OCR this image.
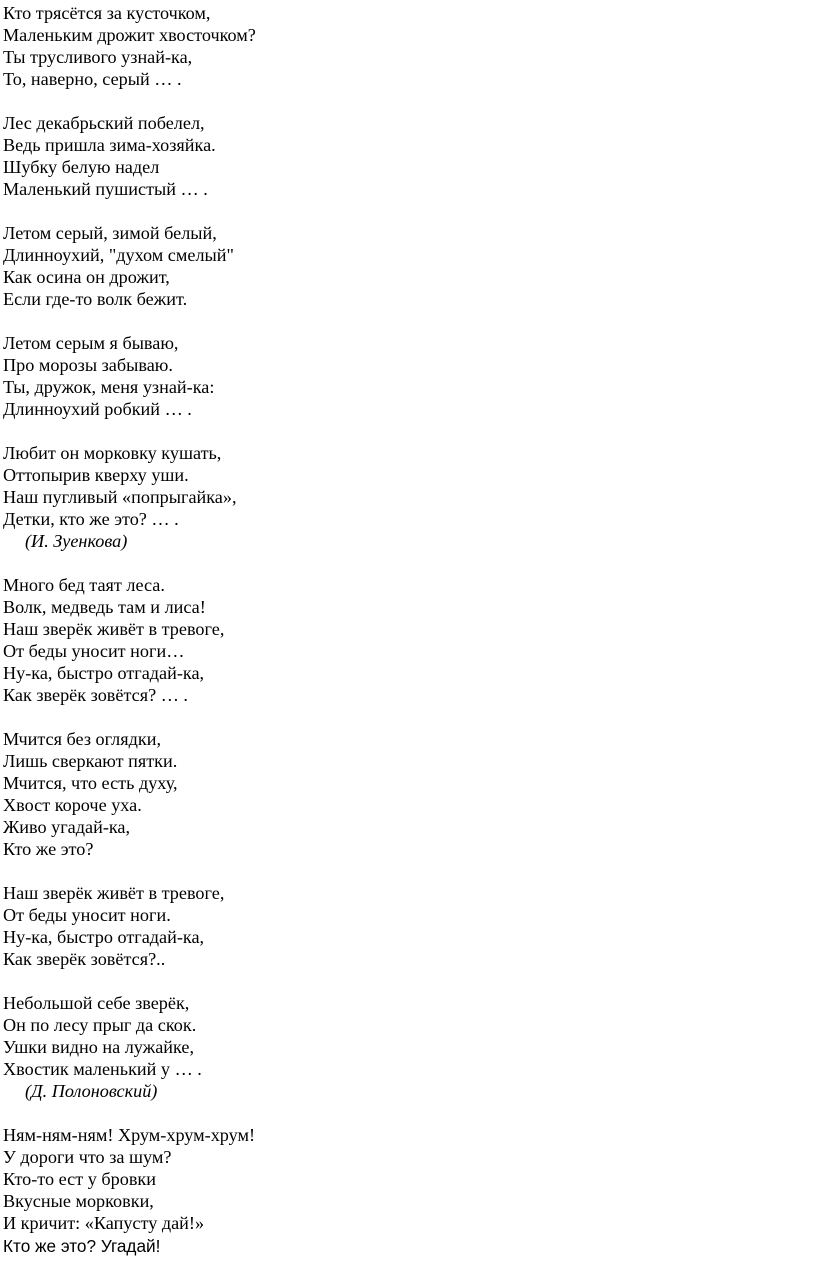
Кто трясётся за кусточком,
Маленьким дрожит хвосточком?
Ты трусливого узнай-ка,
То, наверно, серый … .
Лес декабрьский побелел,
Ведь пришла зима-хозяйка.
Шубку белую надел
Маленький пушистый … .
Летом серый, зимой белый,
Длинноухий, "духом смелый"
Как осина он дрожит,
Если где-то волк бежит.
Летом серым я бываю,
Про морозы забываю.
Ты, дружок, меня узнай-ка:
Длинноухий робкий … .
Любит он морковку кушать,
Оттопырив кверху уши.
Наш пугливый «попрыгайка»,
Детки, кто же это? … .
(И. Зуенкова)
Много бед таят леса.
Волк, медведь там и лиса!
Наш зверёк живёт в тревоге,
От беды уносит ноги…
Ну-ка, быстро отгадай-ка,
Как зверёк зовётся? … .
Мчится без оглядки,
Лишь сверкают пятки.
Мчится, что есть духу,
Хвост короче уха.
Живо угадай-ка,
Кто же это?
Наш зверёк живёт в тревоге,
От беды уносит ноги.
Ну-ка, быстро отгадай-ка,
Как зверёк зовётся?..
Небольшой себе зверёк,
Он по лесу прыг да скок.
Ушки видно на лужайке,
Хвостик маленький у … .
(Д. Полоновский)
Ням-ням-ням! Хрум-хрум-хрум!
У дороги что за шум?
Кто-то ест у бровки
Вкусные морковки,
И кричит: «Капусту дай!»
Кто же это? Угадай!
